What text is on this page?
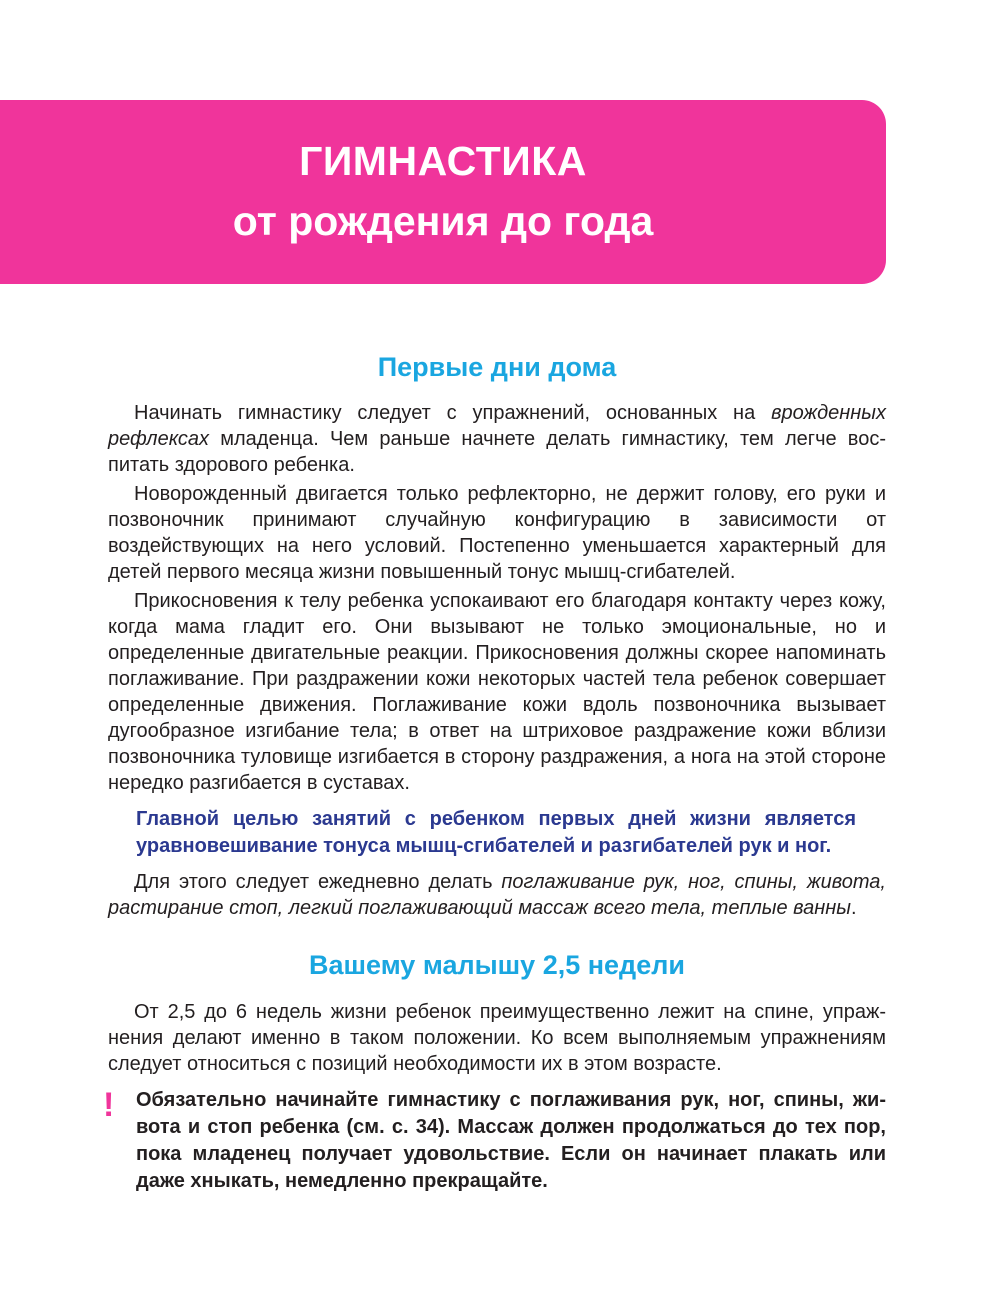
ГИМНАСТИКА
от рождения до года
Первые дни дома

Начинать гимнастику следует с упражнений, основанных на врожденных рефлексах младенца. Чем раньше начнете делать гимнастику, тем легче воспитать здорового ребенка.

Новорожденный двигается только рефлекторно, не держит голову, его руки и позвоночник принимают случайную конфигурацию в зависимости от воздействующих на него условий. Постепенно уменьшается характерный для детей первого месяца жизни повышенный тонус мышц-сгибателей.

Прикосновения к телу ребенка успокаивают его благодаря контакту через кожу, когда мама гладит его. Они вызывают не только эмоциональные, но и определенные двигательные реакции. Прикосновения должны скорее напоминать поглаживание. При раздражении кожи некоторых частей тела ребенок совершает определенные движения. Поглаживание кожи вдоль позвоночника вызывает дугообразное изгибание тела; в ответ на штриховое раздражение кожи вблизи позвоночника туловище изгибается в сторону раздражения, а нога на этой стороне нередко разгибается в суставах.

Главной целью занятий с ребенком первых дней жизни является уравновешивание тонуса мышц-сгибателей и разгибателей рук и ног.

Для этого следует ежедневно делать поглаживание рук, ног, спины, живота, растирание стоп, легкий поглаживающий массаж всего тела, теплые ванны.

Вашему малышу 2,5 недели

От 2,5 до 6 недель жизни ребенок преимущественно лежит на спине, упражнения делают именно в таком положении. Ко всем выполняемым упражнениям следует относиться с позиций необходимости их в этом возрасте.

! Обязательно начинайте гимнастику с поглаживания рук, ног, спины, живота и стоп ребенка (см. с. 34). Массаж должен продолжаться до тех пор, пока младенец получает удовольствие. Если он начинает плакать или даже хныкать, немедленно прекращайте.
